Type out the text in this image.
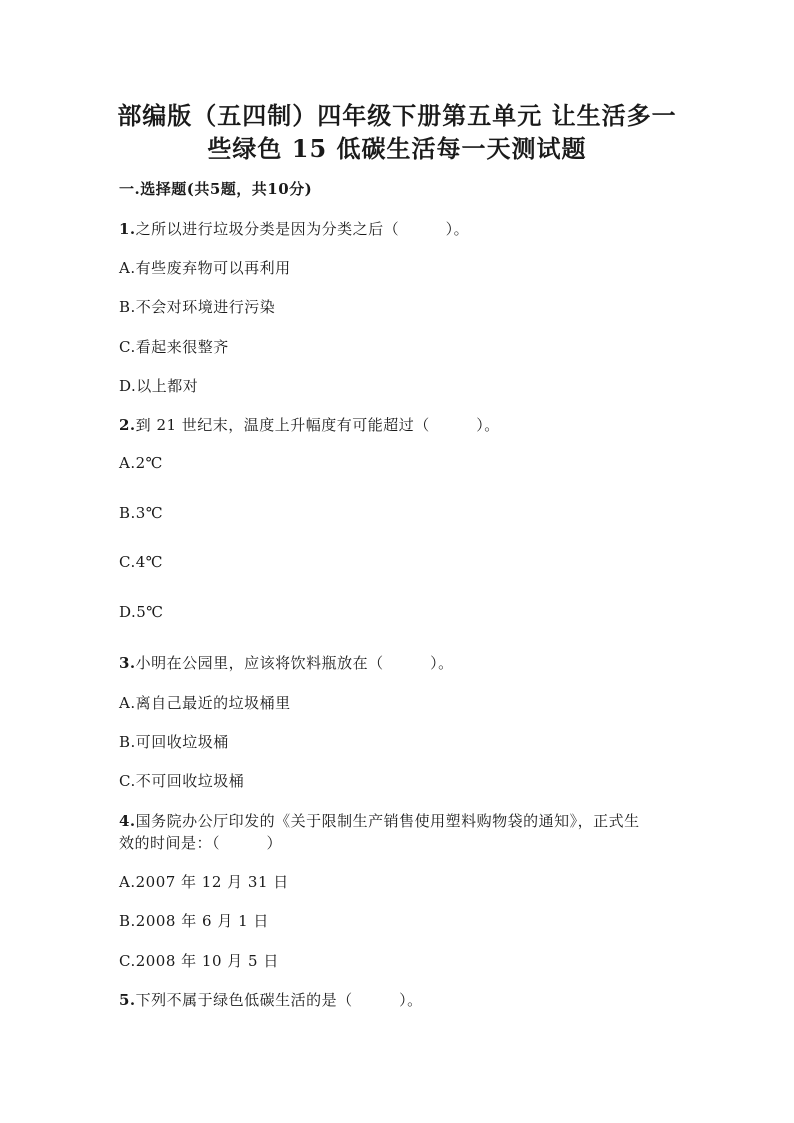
部编版（五四制）四年级下册第五单元 让生活多一
些绿色 15 低碳生活每一天测试题
一.选择题(共5题，共10分)
1.之所以进行垃圾分类是因为分类之后（　　　）。
A.有些废弃物可以再利用
B.不会对环境进行污染
C.看起来很整齐
D.以上都对
2.到 21 世纪末，温度上升幅度有可能超过（　　　）。
A.2℃
B.3℃
C.4℃
D.5℃
3.小明在公园里，应该将饮料瓶放在（　　　）。
A.离自己最近的垃圾桶里
B.可回收垃圾桶
C.不可回收垃圾桶
4.国务院办公厅印发的《关于限制生产销售使用塑料购物袋的通知》，正式生
效的时间是：（　　　）
A.2007 年 12 月 31 日
B.2008 年 6 月 1 日
C.2008 年 10 月 5 日
5.下列不属于绿色低碳生活的是（　　　）。
